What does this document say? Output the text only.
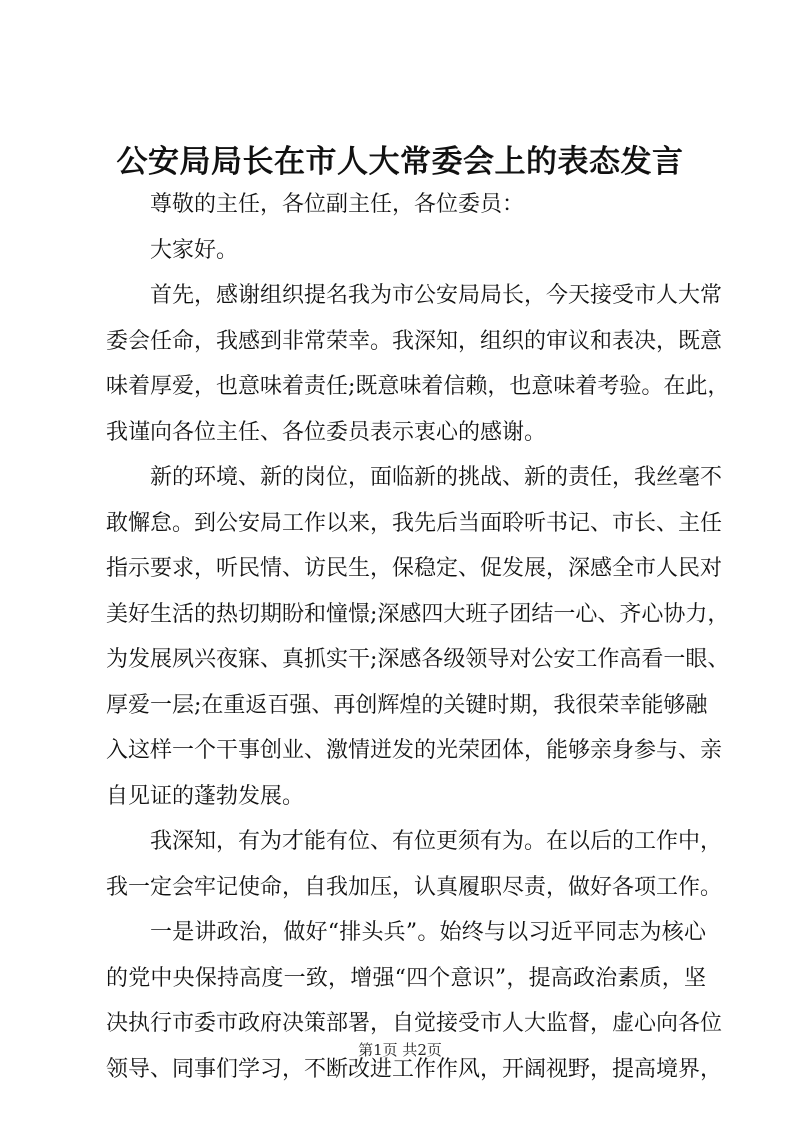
公安局局长在市人大常委会上的表态发言
尊敬的主任，各位副主任，各位委员：
大家好。
首先，感谢组织提名我为市公安局局长，今天接受市人大常
委会任命，我感到非常荣幸。我深知，组织的审议和表决，既意
味着厚爱，也意味着责任;既意味着信赖，也意味着考验。在此，
我谨向各位主任、各位委员表示衷心的感谢。
新的环境、新的岗位，面临新的挑战、新的责任，我丝毫不
敢懈怠。到公安局工作以来，我先后当面聆听书记、市长、主任
指示要求，听民情、访民生，保稳定、促发展，深感全市人民对
美好生活的热切期盼和憧憬;深感四大班子团结一心、齐心协力，
为发展夙兴夜寐、真抓实干;深感各级领导对公安工作高看一眼、
厚爱一层;在重返百强、再创辉煌的关键时期，我很荣幸能够融
入这样一个干事创业、激情迸发的光荣团体，能够亲身参与、亲
自见证的蓬勃发展。
我深知，有为才能有位、有位更须有为。在以后的工作中，
我一定会牢记使命，自我加压，认真履职尽责，做好各项工作。
一是讲政治，做好“排头兵”。始终与以习近平同志为核心
的党中央保持高度一致，增强“四个意识”，提高政治素质，坚
决执行市委市政府决策部署，自觉接受市人大监督，虚心向各位
领导、同事们学习，不断改进工作作风，开阔视野，提高境界，
第1页 共2页
